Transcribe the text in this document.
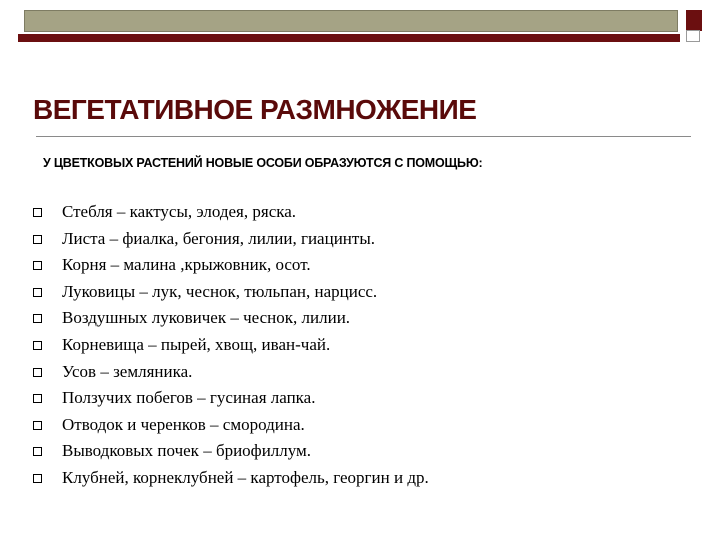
ВЕГЕТАТИВНОЕ РАЗМНОЖЕНИЕ

У ЦВЕТКОВЫХ РАСТЕНИЙ НОВЫЕ ОСОБИ ОБРАЗУЮТСЯ С ПОМОЩЬЮ:

Стебля – кактусы, элодея, ряска.
Листа – фиалка, бегония, лилии, гиацинты.
Корня – малина ,крыжовник, осот.
Луковицы – лук, чеснок, тюльпан, нарцисс.
Воздушных луковичек – чеснок, лилии.
Корневища – пырей, хвощ, иван-чай.
Усов – земляника.
Ползучих побегов – гусиная лапка.
Отводок и черенков – смородина.
Выводковых почек – бриофиллум.
Клубней, корнеклубней – картофель, георгин и др.
